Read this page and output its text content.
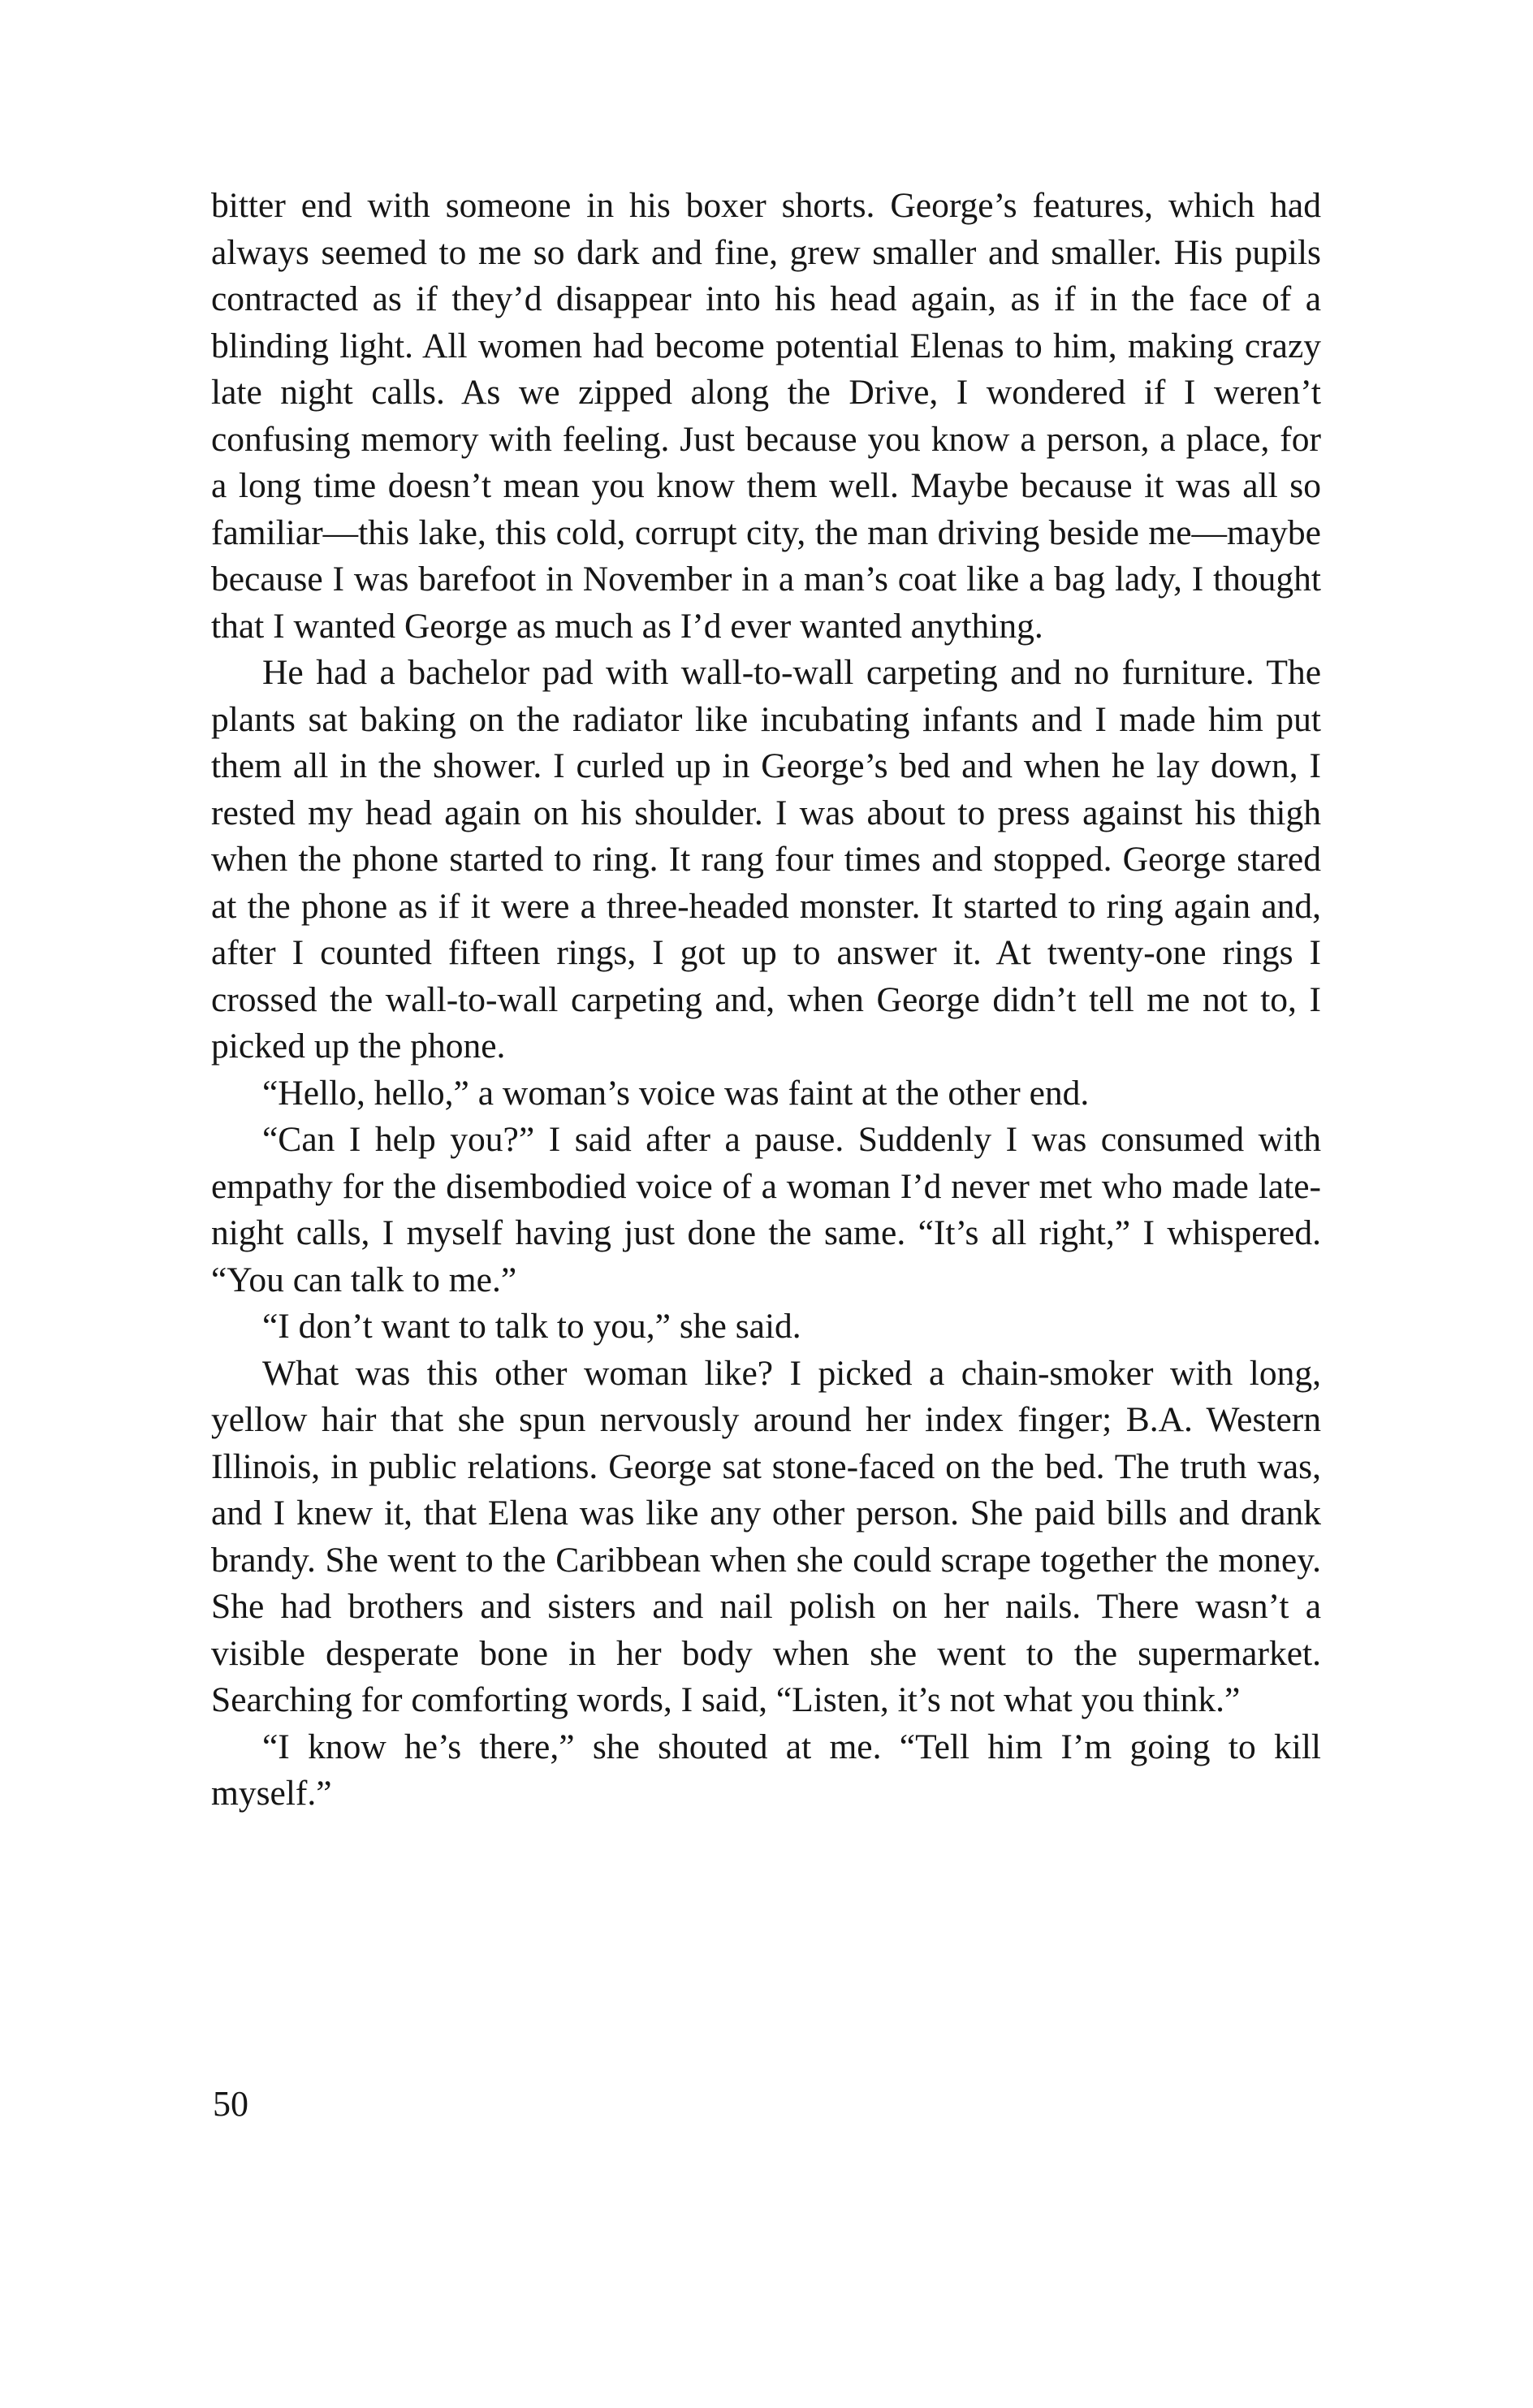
bitter end with someone in his boxer shorts. George’s features, which had always seemed to me so dark and fine, grew smaller and smaller. His pupils contracted as if they’d disappear into his head again, as if in the face of a blinding light. All women had become potential Elenas to him, making crazy late night calls. As we zipped along the Drive, I wondered if I weren’t confusing memory with feeling. Just because you know a person, a place, for a long time doesn’t mean you know them well. Maybe because it was all so familiar—this lake, this cold, corrupt city, the man driving beside me—maybe because I was barefoot in November in a man’s coat like a bag lady, I thought that I wanted George as much as I’d ever wanted anything.

He had a bachelor pad with wall-to-wall carpeting and no furniture. The plants sat baking on the radiator like incubating infants and I made him put them all in the shower. I curled up in George’s bed and when he lay down, I rested my head again on his shoulder. I was about to press against his thigh when the phone started to ring. It rang four times and stopped. George stared at the phone as if it were a three-headed monster. It started to ring again and, after I counted fifteen rings, I got up to answer it. At twenty-one rings I crossed the wall-to-wall carpeting and, when George didn’t tell me not to, I picked up the phone.

“Hello, hello,” a woman’s voice was faint at the other end.

“Can I help you?” I said after a pause. Suddenly I was consumed with empathy for the disembodied voice of a woman I’d never met who made late-night calls, I myself having just done the same. “It’s all right,” I whispered. “You can talk to me.”

“I don’t want to talk to you,” she said.

What was this other woman like? I picked a chain-smoker with long, yellow hair that she spun nervously around her index finger; B.A. Western Illinois, in public relations. George sat stone-faced on the bed. The truth was, and I knew it, that Elena was like any other person. She paid bills and drank brandy. She went to the Caribbean when she could scrape together the money. She had brothers and sisters and nail polish on her nails. There wasn’t a visible desperate bone in her body when she went to the supermarket. Searching for comforting words, I said, “Listen, it’s not what you think.”

“I know he’s there,” she shouted at me. “Tell him I’m going to kill myself.”

50
